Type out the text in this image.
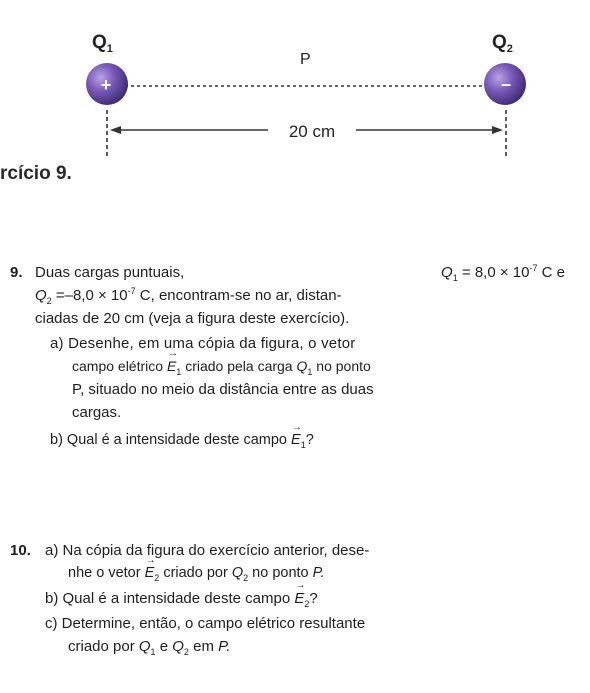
+	–
$Q_1$	$Q_2$
P
20 cm
rcício 9.
9. Duas cargas puntuais,	$Q_1 = 8,0 \times 10^{-7}$ C e
$Q_2 =-8,0 \times 10^{-7}$ C, encontram-se no ar, distan-
ciadas de 20 cm (veja a figura deste exercício).
a) Desenhe, em uma cópia da figura, o vetor
campo elétrico → $E_1$ criado pela carga $Q_1$ no ponto
P, situado no meio da distância entre as duas
cargas.
b) Qual é a intensidade deste campo → $E_1$?
10. a) Na cópia da figura do exercício anterior, dese-
nhe o vetor → $E_2$ criado por $Q_2$ no ponto P.
b) Qual é a intensidade deste campo → $E_2$?
c) Determine, então, o campo elétrico resultante
criado por $Q_1$ e $Q_2$ em P.
